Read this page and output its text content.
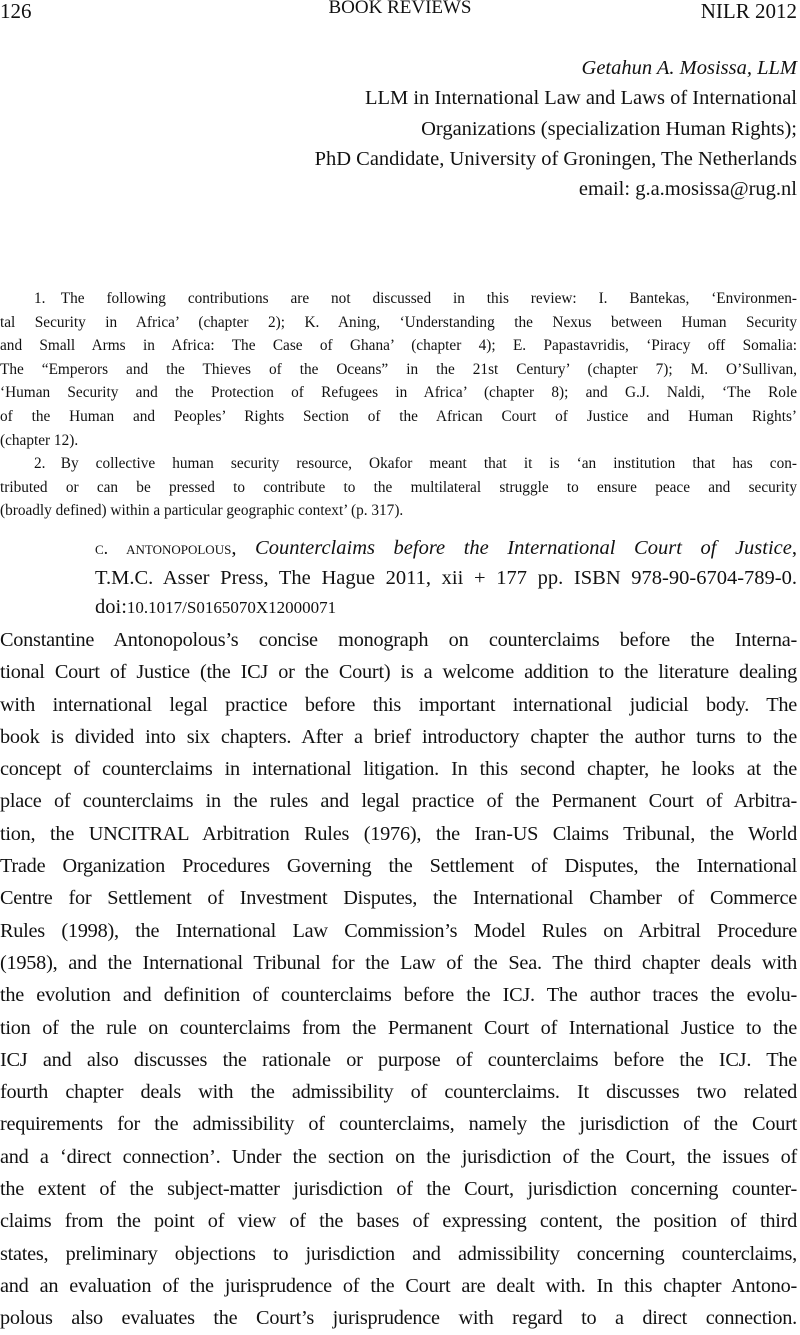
126	BOOK REVIEWS	NILR 2012
Getahun A. Mosissa, LLM
LLM in International Law and Laws of International
Organizations (specialization Human Rights);
PhD Candidate, University of Groningen, The Netherlands
email: g.a.mosissa@rug.nl
1. The following contributions are not discussed in this review: I. Bantekas, ‘Environmen-
tal Security in Africa’ (chapter 2); K. Aning, ‘Understanding the Nexus between Human Security
and Small Arms in Africa: The Case of Ghana’ (chapter 4); E. Papastavridis, ‘Piracy off Somalia:
The “Emperors and the Thieves of the Oceans” in the 21st Century’ (chapter 7); M. O’Sullivan,
‘Human Security and the Protection of Refugees in Africa’ (chapter 8); and G.J. Naldi, ‘The Role
of the Human and Peoples’ Rights Section of the African Court of Justice and Human Rights’
(chapter 12).
2. By collective human security resource, Okafor meant that it is ‘an institution that has con-
tributed or can be pressed to contribute to the multilateral struggle to ensure peace and security
(broadly defined) within a particular geographic context’ (p. 317).
c. antonopolous, Counterclaims before the International Court of Justice,
T.M.C. Asser Press, The Hague 2011, xii + 177 pp. ISBN 978-90-6704-789-0.
doi:10.1017/S0165070X12000071
Constantine Antonopolous’s concise monograph on counterclaims before the Interna-
tional Court of Justice (the ICJ or the Court) is a welcome addition to the literature dealing
with international legal practice before this important international judicial body. The
book is divided into six chapters. After a brief introductory chapter the author turns to the
concept of counterclaims in international litigation. In this second chapter, he looks at the
place of counterclaims in the rules and legal practice of the Permanent Court of Arbitra-
tion, the UNCITRAL Arbitration Rules (1976), the Iran-US Claims Tribunal, the World
Trade Organization Procedures Governing the Settlement of Disputes, the International
Centre for Settlement of Investment Disputes, the International Chamber of Commerce
Rules (1998), the International Law Commission’s Model Rules on Arbitral Procedure
(1958), and the International Tribunal for the Law of the Sea. The third chapter deals with
the evolution and definition of counterclaims before the ICJ. The author traces the evolu-
tion of the rule on counterclaims from the Permanent Court of International Justice to the
ICJ and also discusses the rationale or purpose of counterclaims before the ICJ. The
fourth chapter deals with the admissibility of counterclaims. It discusses two related
requirements for the admissibility of counterclaims, namely the jurisdiction of the Court
and a ‘direct connection’. Under the section on the jurisdiction of the Court, the issues of
the extent of the subject-matter jurisdiction of the Court, jurisdiction concerning counter-
claims from the point of view of the bases of expressing content, the position of third
states, preliminary objections to jurisdiction and admissibility concerning counterclaims,
and an evaluation of the jurisprudence of the Court are dealt with. In this chapter Antono-
polous also evaluates the Court’s jurisprudence with regard to a direct connection.
